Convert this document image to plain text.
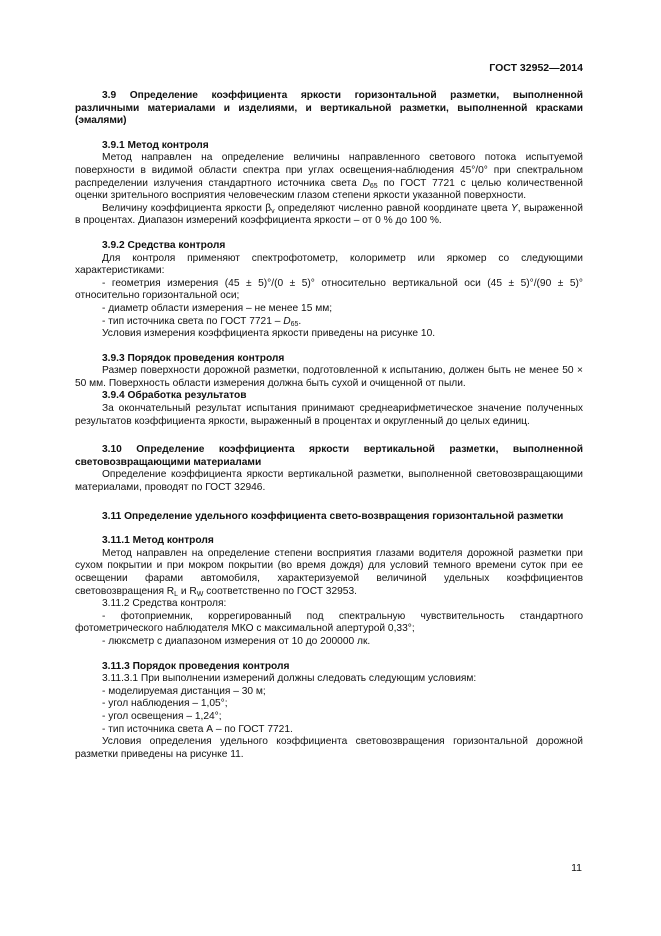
ГОСТ 32952—2014

3.9 Определение коэффициента яркости горизонтальной разметки, выполненной различными материалами и изделиями, и вертикальной разметки, выполненной красками (эмалями)

3.9.1 Метод контроля

Метод направлен на определение величины направленного светового потока испытуемой поверхности в видимой области спектра при углах освещения-наблюдения 45°/0° при спектральном распределении излучения стандартного источника света $D_{65}$ по ГОСТ 7721 с целью количественной оценки зрительного восприятия человеческим глазом степени яркости указанной поверхности.

Величину коэффициента яркости $\beta_v$ определяют численно равной координате цвета Y, выраженной в процентах. Диапазон измерений коэффициента яркости – от 0 % до 100 %.

3.9.2 Средства контроля

Для контроля применяют спектрофотометр, колориметр или яркомер со следующими характеристиками:

- геометрия измерения (45 ± 5)°/(0 ± 5)° относительно вертикальной оси (45 ± 5)°/(90 ± 5)° относительно горизонтальной оси;

- диаметр области измерения – не менее 15 мм;

- тип источника света по ГОСТ $7721 - D_{65}$.

Условия измерения коэффициента яркости приведены на рисунке 10.

3.9.3 Порядок проведения контроля

Размер поверхности дорожной разметки, подготовленной к испытанию, должен быть не менее 50 × 50 мм. Поверхность области измерения должна быть сухой и очищенной от пыли.

3.9.4 Обработка результатов

За окончательный результат испытания принимают среднеарифметическое значение полученных результатов коэффициента яркости, выраженный в процентах и округленный до целых единиц.

3.10 Определение коэффициента яркости вертикальной разметки, выполненной световозвращающими материалами

Определение коэффициента яркости вертикальной разметки, выполненной световозвращающими материалами, проводят по ГОСТ 32946.

3.11 Определение удельного коэффициента свето-возвращения горизонтальной разметки

3.11.1 Метод контроля

Метод направлен на определение степени восприятия глазами водителя дорожной разметки при сухом покрытии и при мокром покрытии (во время дождя) для условий темного времени суток при ее освещении фарами автомобиля, характеризуемой величиной удельных коэффициентов световозвращения $R_L$ и $R_W$ соответственно по ГОСТ 32953.

3.11.2 Средства контроля:

- фотоприемник, коррегированный под спектральную чувствительность стандартного фотометрического наблюдателя МКО с максимальной апертурой 0,33°;

- люксметр с диапазоном измерения от 10 до 200000 лк.

3.11.3 Порядок проведения контроля

3.11.3.1 При выполнении измерений должны следовать следующим условиям:

- моделируемая дистанция – 30 м;

- угол наблюдения – 1,05°;

- угол освещения – 1,24°;

- тип источника света А – по ГОСТ 7721.

Условия определения удельного коэффициента световозвращения горизонтальной дорожной разметки приведены на рисунке 11.

11
